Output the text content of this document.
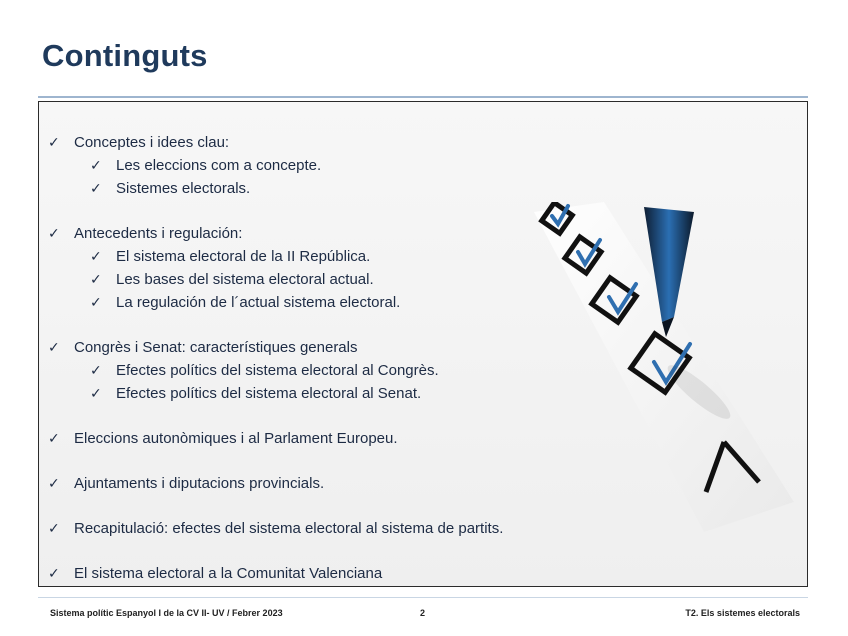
Continguts
✓ Conceptes i idees clau:
✓ Les eleccions com a concepte.
✓ Sistemes electorals.
✓ Antecedents i regulación:
✓ El sistema electoral de la II República.
✓ Les bases del sistema electoral actual.
✓ La regulación de l´actual sistema electoral.
✓ Congrès i Senat: característiques generals
✓ Efectes polítics del sistema electoral al Congrès.
✓ Efectes polítics del sistema electoral al Senat.
✓ Eleccions autonòmiques i al Parlament Europeu.
✓ Ajuntaments i diputacions provincials.
✓ Recapitulació: efectes del sistema electoral al sistema de partits.
✓ El sistema electoral a la Comunitat Valenciana
Sistema polític Espanyol I de la CV II- UV / Febrer 2023	2	T2. Els sistemes electorals
